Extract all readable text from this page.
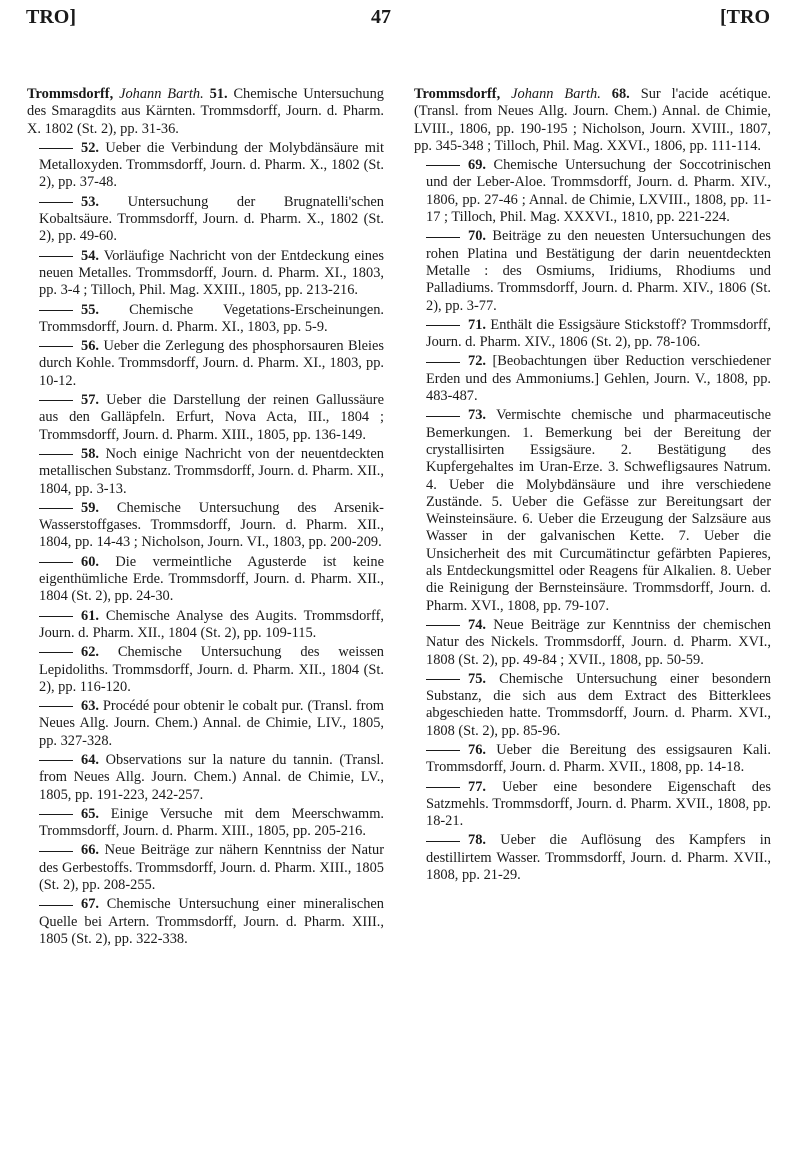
TRO]	47	[TRO

Trommsdorff, Johann Barth. 51. Chemische Untersuchung des Smaragdits aus Kärnten. Trommsdorff, Journ. d. Pharm. X. 1802 (St. 2), pp. 31-36.

52. Ueber die Verbindung der Molybdänsäure mit Metalloxyden. Trommsdorff, Journ. d. Pharm. X., 1802 (St. 2), pp. 37-48.

53. Untersuchung der Brugnatelli'schen Kobaltsäure. Trommsdorff, Journ. d. Pharm. X., 1802 (St. 2), pp. 49-60.

54. Vorläufige Nachricht von der Entdeckung eines neuen Metalles. Trommsdorff, Journ. d. Pharm. XI., 1803, pp. 3-4 ; Tilloch, Phil. Mag. XXIII., 1805, pp. 213-216.

55. Chemische Vegetations-Erscheinungen. Trommsdorff, Journ. d. Pharm. XI., 1803, pp. 5-9.

56. Ueber die Zerlegung des phosphorsauren Bleies durch Kohle. Trommsdorff, Journ. d. Pharm. XI., 1803, pp. 10-12.

57. Ueber die Darstellung der reinen Gallussäure aus den Galläpfeln. Erfurt, Nova Acta, III., 1804 ; Trommsdorff, Journ. d. Pharm. XIII., 1805, pp. 136-149.

58. Noch einige Nachricht von der neuentdeckten metallischen Substanz. Trommsdorff, Journ. d. Pharm. XII., 1804, pp. 3-13.

59. Chemische Untersuchung des Arsenik-Wasserstoffgases. Trommsdorff, Journ. d. Pharm. XII., 1804, pp. 14-43 ; Nicholson, Journ. VI., 1803, pp. 200-209.

60. Die vermeintliche Agusterde ist keine eigenthümliche Erde. Trommsdorff, Journ. d. Pharm. XII., 1804 (St. 2), pp. 24-30.

61. Chemische Analyse des Augits. Trommsdorff, Journ. d. Pharm. XII., 1804 (St. 2), pp. 109-115.

62. Chemische Untersuchung des weissen Lepidoliths. Trommsdorff, Journ. d. Pharm. XII., 1804 (St. 2), pp. 116-120.

63. Procédé pour obtenir le cobalt pur. (Transl. from Neues Allg. Journ. Chem.) Annal. de Chimie, LIV., 1805, pp. 327-328.

64. Observations sur la nature du tannin. (Transl. from Neues Allg. Journ. Chem.) Annal. de Chimie, LV., 1805, pp. 191-223, 242-257.

65. Einige Versuche mit dem Meerschwamm. Trommsdorff, Journ. d. Pharm. XIII., 1805, pp. 205-216.

66. Neue Beiträge zur nähern Kenntniss der Natur des Gerbestoffs. Trommsdorff, Journ. d. Pharm. XIII., 1805 (St. 2), pp. 208-255.

67. Chemische Untersuchung einer mineralischen Quelle bei Artern. Trommsdorff, Journ. d. Pharm. XIII., 1805 (St. 2), pp. 322-338.

Trommsdorff, Johann Barth. 68. Sur l'acide acétique. (Transl. from Neues Allg. Journ. Chem.) Annal. de Chimie, LVIII., 1806, pp. 190-195 ; Nicholson, Journ. XVIII., 1807, pp. 345-348 ; Tilloch, Phil. Mag. XXVI., 1806, pp. 111-114.

69. Chemische Untersuchung der Soccotrinischen und der Leber-Aloe. Trommsdorff, Journ. d. Pharm. XIV., 1806, pp. 27-46 ; Annal. de Chimie, LXVIII., 1808, pp. 11-17 ; Tilloch, Phil. Mag. XXXVI., 1810, pp. 221-224.

70. Beiträge zu den neuesten Untersuchungen des rohen Platina und Bestätigung der darin neuentdeckten Metalle : des Osmiums, Iridiums, Rhodiums und Palladiums. Trommsdorff, Journ. d. Pharm. XIV., 1806 (St. 2), pp. 3-77.

71. Enthält die Essigsäure Stickstoff? Trommsdorff, Journ. d. Pharm. XIV., 1806 (St. 2), pp. 78-106.

72. [Beobachtungen über Reduction verschiedener Erden und des Ammoniums.] Gehlen, Journ. V., 1808, pp. 483-487.

73. Vermischte chemische und pharmaceutische Bemerkungen. 1. Bemerkung bei der Bereitung der crystallisirten Essigsäure. 2. Bestätigung des Kupfergehaltes im Uran-Erze. 3. Schwefligsaures Natrum. 4. Ueber die Molybdänsäure und ihre verschiedene Zustände. 5. Ueber die Gefässe zur Bereitungsart der Weinsteinsäure. 6. Ueber die Erzeugung der Salzsäure aus Wasser in der galvanischen Kette. 7. Ueber die Unsicherheit des mit Curcumätinctur gefärbten Papieres, als Entdeckungsmittel oder Reagens für Alkalien. 8. Ueber die Reinigung der Bernsteinsäure. Trommsdorff, Journ. d. Pharm. XVI., 1808, pp. 79-107.

74. Neue Beiträge zur Kenntniss der chemischen Natur des Nickels. Trommsdorff, Journ. d. Pharm. XVI., 1808 (St. 2), pp. 49-84 ; XVII., 1808, pp. 50-59.

75. Chemische Untersuchung einer besondern Substanz, die sich aus dem Extract des Bitterklees abgeschieden hatte. Trommsdorff, Journ. d. Pharm. XVI., 1808 (St. 2), pp. 85-96.

76. Ueber die Bereitung des essigsauren Kali. Trommsdorff, Journ. d. Pharm. XVII., 1808, pp. 14-18.

77. Ueber eine besondere Eigenschaft des Satzmehls. Trommsdorff, Journ. d. Pharm. XVII., 1808, pp. 18-21.

78. Ueber die Auflösung des Kampfers in destillirtem Wasser. Trommsdorff, Journ. d. Pharm. XVII., 1808, pp. 21-29.
